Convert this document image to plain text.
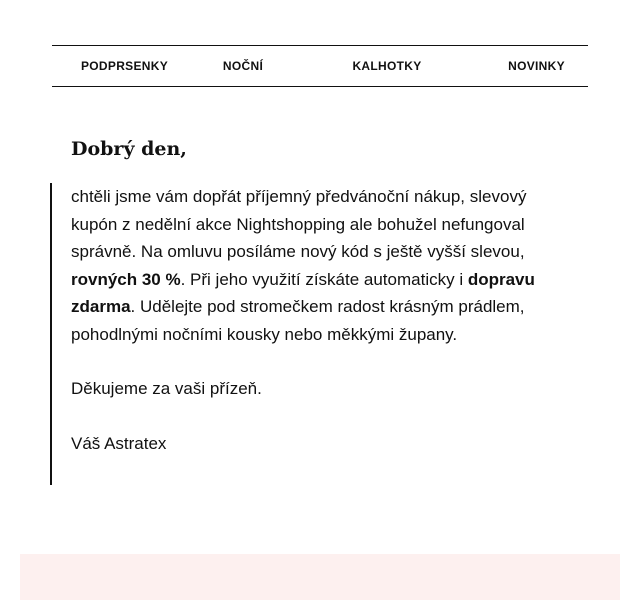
PODPRSENKY	NOČNÍ	KALHOTKY	NOVINKY
Dobrý den,

chtěli jsme vám dopřát příjemný předvánoční nákup, slevový kupón z nedělní akce Nightshopping ale bohužel nefungoval správně. Na omluvu posíláme nový kód s ještě vyšší slevou, rovných 30 %. Při jeho využití získáte automaticky i dopravu zdarma. Udělejte pod stromečkem radost krásným prádlem, pohodlnými nočními kousky nebo měkkými župany.

Děkujeme za vaši přízeň.

Váš Astratex
